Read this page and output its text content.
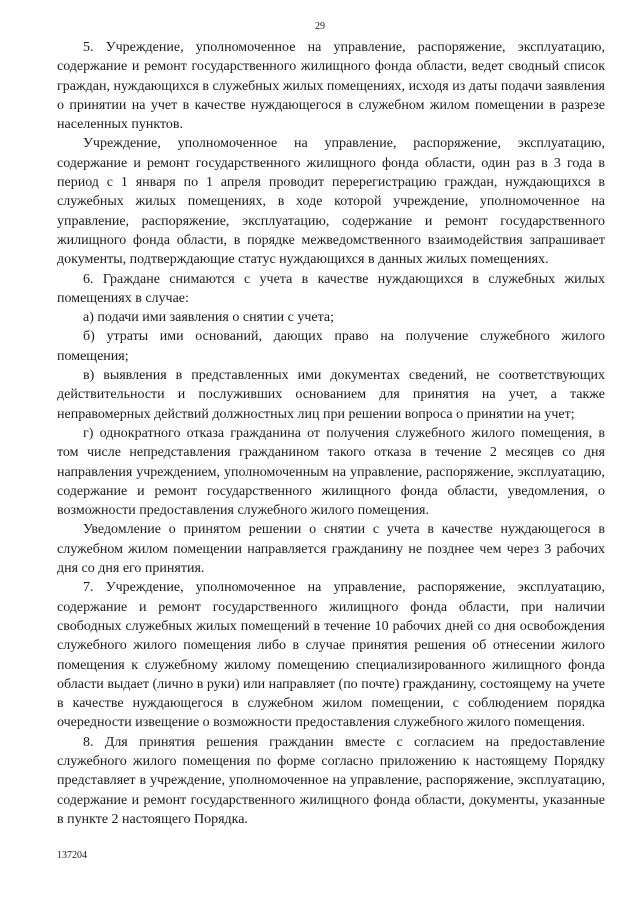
29

5. Учреждение, уполномоченное на управление, распоряжение, эксплуатацию, содержание и ремонт государственного жилищного фонда области, ведет сводный список граждан, нуждающихся в служебных жилых помещениях, исходя из даты подачи заявления о принятии на учет в качестве нуждающегося в служебном жилом помещении в разрезе населенных пунктов.

Учреждение, уполномоченное на управление, распоряжение, эксплуатацию, содержание и ремонт государственного жилищного фонда области, один раз в 3 года в период с 1 января по 1 апреля проводит перерегистрацию граждан, нуждающихся в служебных жилых помещениях, в ходе которой учреждение, уполномоченное на управление, распоряжение, эксплуатацию, содержание и ремонт государственного жилищного фонда области, в порядке межведомственного взаимодействия запрашивает документы, подтверждающие статус нуждающихся в данных жилых помещениях.

6. Граждане снимаются с учета в качестве нуждающихся в служебных жилых помещениях в случае:

а) подачи ими заявления о снятии с учета;

б) утраты ими оснований, дающих право на получение служебного жилого помещения;

в) выявления в представленных ими документах сведений, не соответствующих действительности и послуживших основанием для принятия на учет, а также неправомерных действий должностных лиц при решении вопроса о принятии на учет;

г) однократного отказа гражданина от получения служебного жилого помещения, в том числе непредставления гражданином такого отказа в течение 2 месяцев со дня направления учреждением, уполномоченным на управление, распоряжение, эксплуатацию, содержание и ремонт государственного жилищного фонда области, уведомления, о возможности предоставления служебного жилого помещения.

Уведомление о принятом решении о снятии с учета в качестве нуждающегося в служебном жилом помещении направляется гражданину не позднее чем через 3 рабочих дня со дня его принятия.

7. Учреждение, уполномоченное на управление, распоряжение, эксплуатацию, содержание и ремонт государственного жилищного фонда области, при наличии свободных служебных жилых помещений в течение 10 рабочих дней со дня освобождения служебного жилого помещения либо в случае принятия решения об отнесении жилого помещения к служебному жилому помещению специализированного жилищного фонда области выдает (лично в руки) или направляет (по почте) гражданину, состоящему на учете в качестве нуждающегося в служебном жилом помещении, с соблюдением порядка очередности извещение о возможности предоставления служебного жилого помещения.

8. Для принятия решения гражданин вместе с согласием на предоставление служебного жилого помещения по форме согласно приложению к настоящему Порядку представляет в учреждение, уполномоченное на управление, распоряжение, эксплуатацию, содержание и ремонт государственного жилищного фонда области, документы, указанные в пункте 2 настоящего Порядка.

137204
